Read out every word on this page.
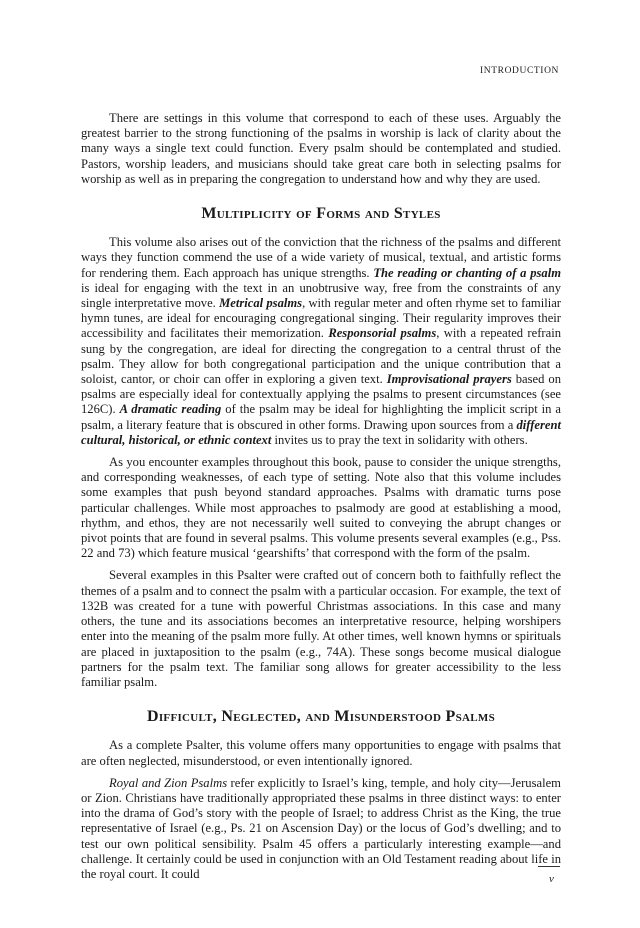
INTRODUCTION

There are settings in this volume that correspond to each of these uses. Arguably the greatest barrier to the strong functioning of the psalms in worship is lack of clarity about the many ways a single text could function. Every psalm should be contemplated and studied. Pastors, worship leaders, and musicians should take great care both in selecting psalms for worship as well as in preparing the congregation to understand how and why they are used.

Multiplicity of Forms and Styles

This volume also arises out of the conviction that the richness of the psalms and different ways they function commend the use of a wide variety of musical, textual, and artistic forms for rendering them. Each approach has unique strengths. The reading or chanting of a psalm is ideal for engaging with the text in an unobtrusive way, free from the constraints of any single interpretative move. Metrical psalms, with regular meter and often rhyme set to familiar hymn tunes, are ideal for encouraging congregational singing. Their regularity improves their accessibility and facilitates their memorization. Responsorial psalms, with a repeated refrain sung by the congregation, are ideal for directing the congregation to a central thrust of the psalm. They allow for both congregational participation and the unique contribution that a soloist, cantor, or choir can offer in exploring a given text. Improvisational prayers based on psalms are especially ideal for contextually applying the psalms to present circumstances (see 126C). A dramatic reading of the psalm may be ideal for highlighting the implicit script in a psalm, a literary feature that is obscured in other forms. Drawing upon sources from a different cultural, historical, or ethnic context invites us to pray the text in solidarity with others.

As you encounter examples throughout this book, pause to consider the unique strengths, and corresponding weaknesses, of each type of setting. Note also that this volume includes some examples that push beyond standard approaches. Psalms with dramatic turns pose particular challenges. While most approaches to psalmody are good at establishing a mood, rhythm, and ethos, they are not necessarily well suited to conveying the abrupt changes or pivot points that are found in several psalms. This volume presents several examples (e.g., Pss. 22 and 73) which feature musical ‘gearshifts’ that correspond with the form of the psalm.

Several examples in this Psalter were crafted out of concern both to faithfully reflect the themes of a psalm and to connect the psalm with a particular occasion. For example, the text of 132B was created for a tune with powerful Christmas associations. In this case and many others, the tune and its associations becomes an interpretative resource, helping worshipers enter into the meaning of the psalm more fully. At other times, well known hymns or spirituals are placed in juxtaposition to the psalm (e.g., 74A). These songs become musical dialogue partners for the psalm text. The familiar song allows for greater accessibility to the less familiar psalm.

Difficult, Neglected, and Misunderstood Psalms

As a complete Psalter, this volume offers many opportunities to engage with psalms that are often neglected, misunderstood, or even intentionally ignored.

Royal and Zion Psalms refer explicitly to Israel’s king, temple, and holy city—Jerusalem or Zion. Christians have traditionally appropriated these psalms in three distinct ways: to enter into the drama of God’s story with the people of Israel; to address Christ as the King, the true representative of Israel (e.g., Ps. 21 on Ascension Day) or the locus of God’s dwelling; and to test our own political sensibility. Psalm 45 offers a particularly interesting example—and challenge. It certainly could be used in conjunction with an Old Testament reading about life in the royal court. It could	v
